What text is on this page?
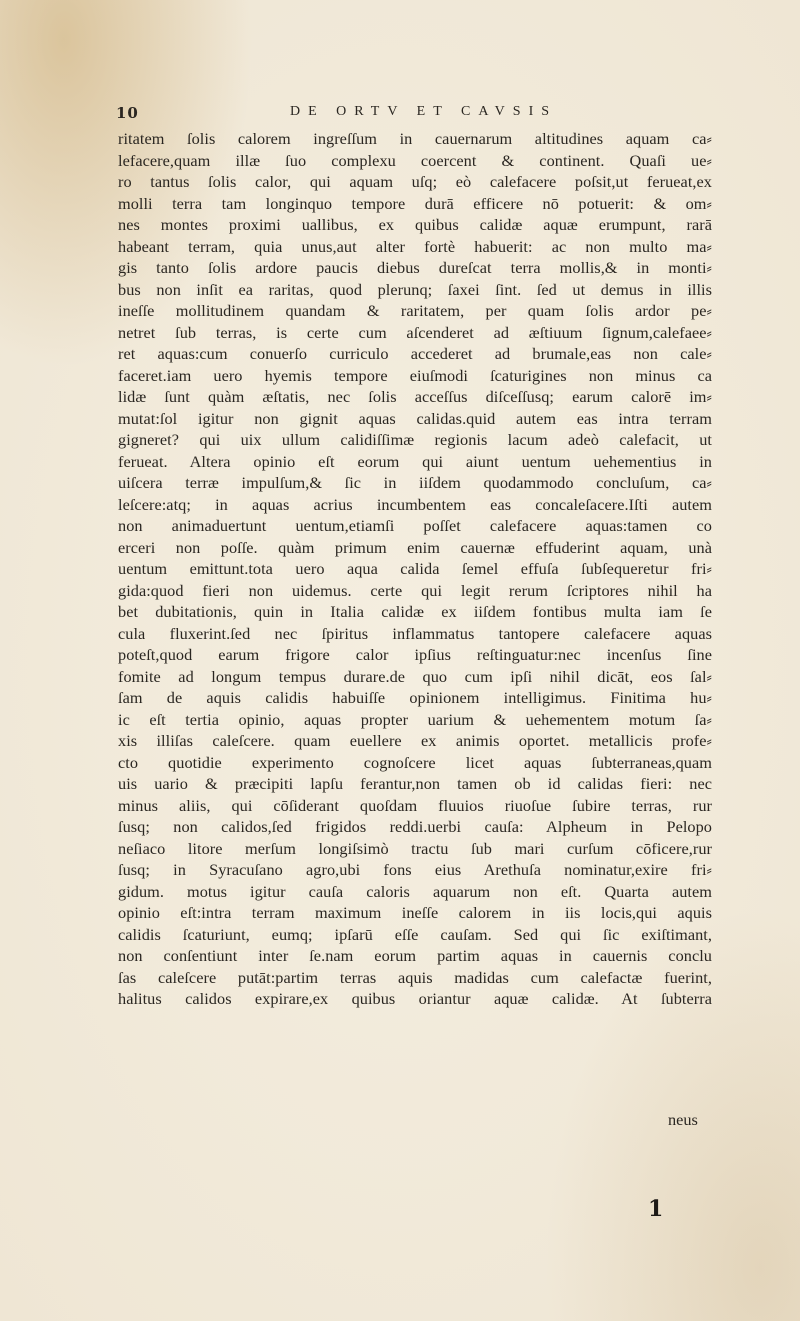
10	DE ORTV ET CAVSIS
ritatem ſolis calorem ingreſſum in cauernarum altitudines aquam ca⸗
lefacere,quam illæ ſuo complexu coercent & continent. Quaſi ue⸗
ro tantus ſolis calor, qui aquam uſq; eò calefacere poſsit,ut ferueat,ex
molli terra tam longinquo tempore durā efficere nō potuerit: & om⸗
nes montes proximi uallibus, ex quibus calidæ aquæ erumpunt, rarā
habeant terram, quia unus,aut alter fortè habuerit: ac non multo ma⸗
gis tanto ſolis ardore paucis diebus dureſcat terra mollis,& in monti⸗
bus non inſit ea raritas, quod plerunq; ſaxei ſint. ſed ut demus in illis
ineſſe mollitudinem quandam & raritatem, per quam ſolis ardor pe⸗
netret ſub terras, is certe cum aſcenderet ad æſtiuum ſignum,calefaee⸗
ret aquas:cum conuerſo curriculo accederet ad brumale,eas non cale⸗
faceret.iam uero hyemis tempore eiuſmodi ſcaturigines non minus ca
lidæ ſunt quàm æſtatis, nec ſolis acceſſus diſceſſusq; earum calorē im⸗
mutat:ſol igitur non gignit aquas calidas.quid autem eas intra terram
gigneret? qui uix ullum calidiſſimæ regionis lacum adeò calefacit, ut
ferueat. Altera opinio eſt eorum qui aiunt uentum uehementius in
uiſcera terræ impulſum,& ſic in iiſdem quodammodo concluſum, ca⸗
leſcere:atq; in aquas acrius incumbentem eas concaleſacere.Iſti autem
non animaduertunt uentum,etiamſi poſſet calefacere aquas:tamen co
erceri non poſſe. quàm primum enim cauernæ effuderint aquam, unà
uentum emittunt.tota uero aqua calida ſemel effuſa ſubſequeretur fri⸗
gida:quod fieri non uidemus. certe qui legit rerum ſcriptores nihil ha
bet dubitationis, quin in Italia calidæ ex iiſdem fontibus multa iam ſe
cula fluxerint.ſed nec ſpiritus inflammatus tantopere calefacere aquas
poteſt,quod earum frigore calor ipſius reſtinguatur:nec incenſus ſine
fomite ad longum tempus durare.de quo cum ipſi nihil dicāt, eos ſal⸗
ſam de aquis calidis habuiſſe opinionem intelligimus. Finitima hu⸗
ic eſt tertia opinio, aquas propter uarium & uehementem motum ſa⸗
xis illiſas caleſcere. quam euellere ex animis oportet. metallicis profe⸗
cto quotidie experimento cognoſcere licet aquas ſubterraneas,quam
uis uario & præcipiti lapſu ferantur,non tamen ob id calidas fieri: nec
minus aliis, qui cōſiderant quoſdam fluuios riuoſue ſubire terras, rur
ſusq; non calidos,ſed frigidos reddi.uerbi cauſa: Alpheum in Pelopo
neſiaco litore merſum longiſsimò tractu ſub mari curſum cōficere,rur
ſusq; in Syracuſano agro,ubi fons eius Arethuſa nominatur,exire fri⸗
gidum. motus igitur cauſa caloris aquarum non eſt. Quarta autem
opinio eſt:intra terram maximum ineſſe calorem in iis locis,qui aquis
calidis ſcaturiunt, eumq; ipſarū eſſe cauſam. Sed qui ſic exiſtimant,
non conſentiunt inter ſe.nam eorum partim aquas in cauernis conclu
ſas caleſcere putāt:partim terras aquis madidas cum calefactæ fuerint,
halitus calidos expirare,ex quibus oriantur aquæ calidæ. At ſubterra
neus
1
